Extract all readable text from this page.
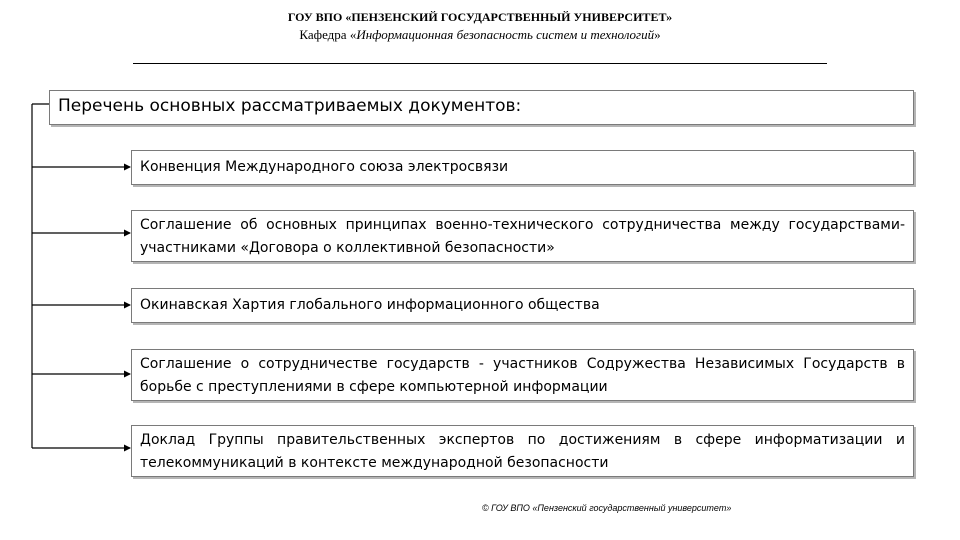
ГОУ ВПО «ПЕНЗЕНСКИЙ ГОСУДАРСТВЕННЫЙ УНИВЕРСИТЕТ»
Кафедра «Информационная безопасность систем и технологий»
Перечень основных рассматриваемых документов:
Конвенция Международного союза электросвязи
Соглашение об основных принципах военно-технического сотрудничества между государствами-участниками «Договора о коллективной безопасности»
Окинавская Хартия глобального информационного общества
Соглашение о сотрудничестве государств - участников Содружества Независимых Государств в борьбе с преступлениями в сфере компьютерной информации
Доклад Группы правительственных экспертов по достижениям в сфере информатизации и телекоммуникаций в контексте международной безопасности
© ГОУ ВПО «Пензенский государственный университет»
